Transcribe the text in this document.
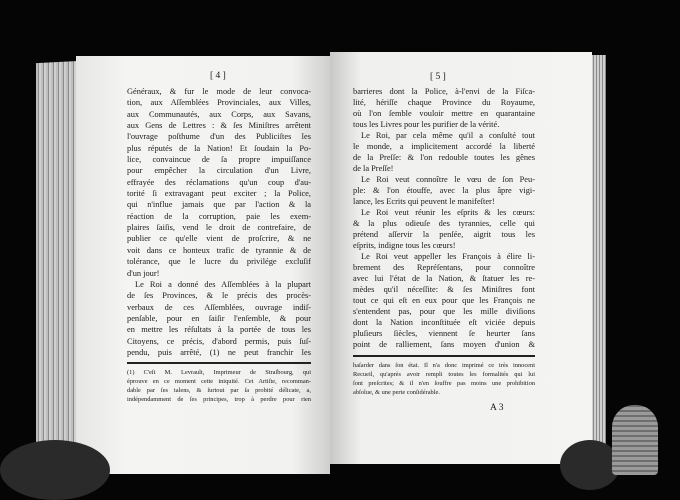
[ 4 ]
Généraux, & fur le mode de leur convoca-
tion, aux Aſſemblées Provinciales, aux Villes,
aux Communautés, aux Corps, aux Savans,
aux Gens de Lettres : & ſes Miniſtres arrêtent
l'ouvrage poſthume d'un des Publiciſtes les
plus réputés de la Nation! Et ſoudain la Po-
lice, convaincue de ſa propre impuiſſance
pour empêcher la circulation d'un Livre,
effrayée des réclamations qu'un coup d'au-
torité ſi extravagant peut exciter ; la Police,
qui n'influe jamais que par l'action & la
réaction de la corruption, paie les exem-
plaires ſaiſis, vend le droit de contrefaire, de
publier ce qu'elle vient de proſcrire, & ne
voit dans ce honteux trafic de tyrannie & de
tolérance, que le lucre du privilége excluſif
d'un jour!
Le Roi a donné des Aſſemblées à la plupart
de ſes Provinces, & le précis des procès-
verbaux de ces Aſſemblées, ouvrage indiſ-
penſable, pour en ſaiſir l'enſemble, & pour
en mettre les réſultats à la portée de tous les
Citoyens, ce précis, d'abord permis, puis ſuſ-
pendu, puis arrêté, (1) ne peut franchir les
(1) C'eſt M. Levrault, Imprimeur de Straſbourg, qui
éprouve en ce moment cette iniquité. Cet Artiſte, recomman-
dable par ſes talens, & ſurtout par ſa probité délicate, a,
indépendamment de ſes principes, trop à perdre pour rien
[ 5 ]
barrieres dont la Police, à-l'envi de la Fiſca-
lité, hériſſe chaque Province du Royaume,
où l'on ſemble vouloir mettre en quarantaine
tous les Livres pour les purifier de la vérité.
Le Roi, par cela même qu'il a conſulté tout
le monde, a implicitement accordé la liberté
de la Preſſe: & l'on redouble toutes les gênes
de la Preſſe!
Le Roi veut connoître le vœu de ſon Peu-
ple: & l'on étouffe, avec la plus âpre vigi-
lance, les Ecrits qui peuvent le manifeſter!
Le Roi veut réunir les eſprits & les cœurs:
& la plus odieuſe des tyrannies, celle qui
prétend aſſervir la penſée, aigrit tous les
eſprits, indigne tous les cœurs!
Le Roi veut appeller les François à élire li-
brement des Repréſentans, pour connoître
avec lui l'état de la Nation, & ſtatuer les re-
mèdes qu'il néceſſite: & ſes Miniſtres font
tout ce qui eſt en eux pour que les François ne
s'entendent pas, pour que les mille diviſions
dont la Nation inconſtituée eſt viciée depuis
pluſieurs ſiècles, viennent ſe heurter ſans
point de ralliement, ſans moyen d'union &
haſarder dans ſon état. Il n'a donc imprimé ce très innocent
Recueil, qu'après avoir rempli toutes les formalités qui lui
ſont preſcrites; & il n'en ſouffre pas moins une prohibition
abſolue, & une perte conſidérable.
A 3
